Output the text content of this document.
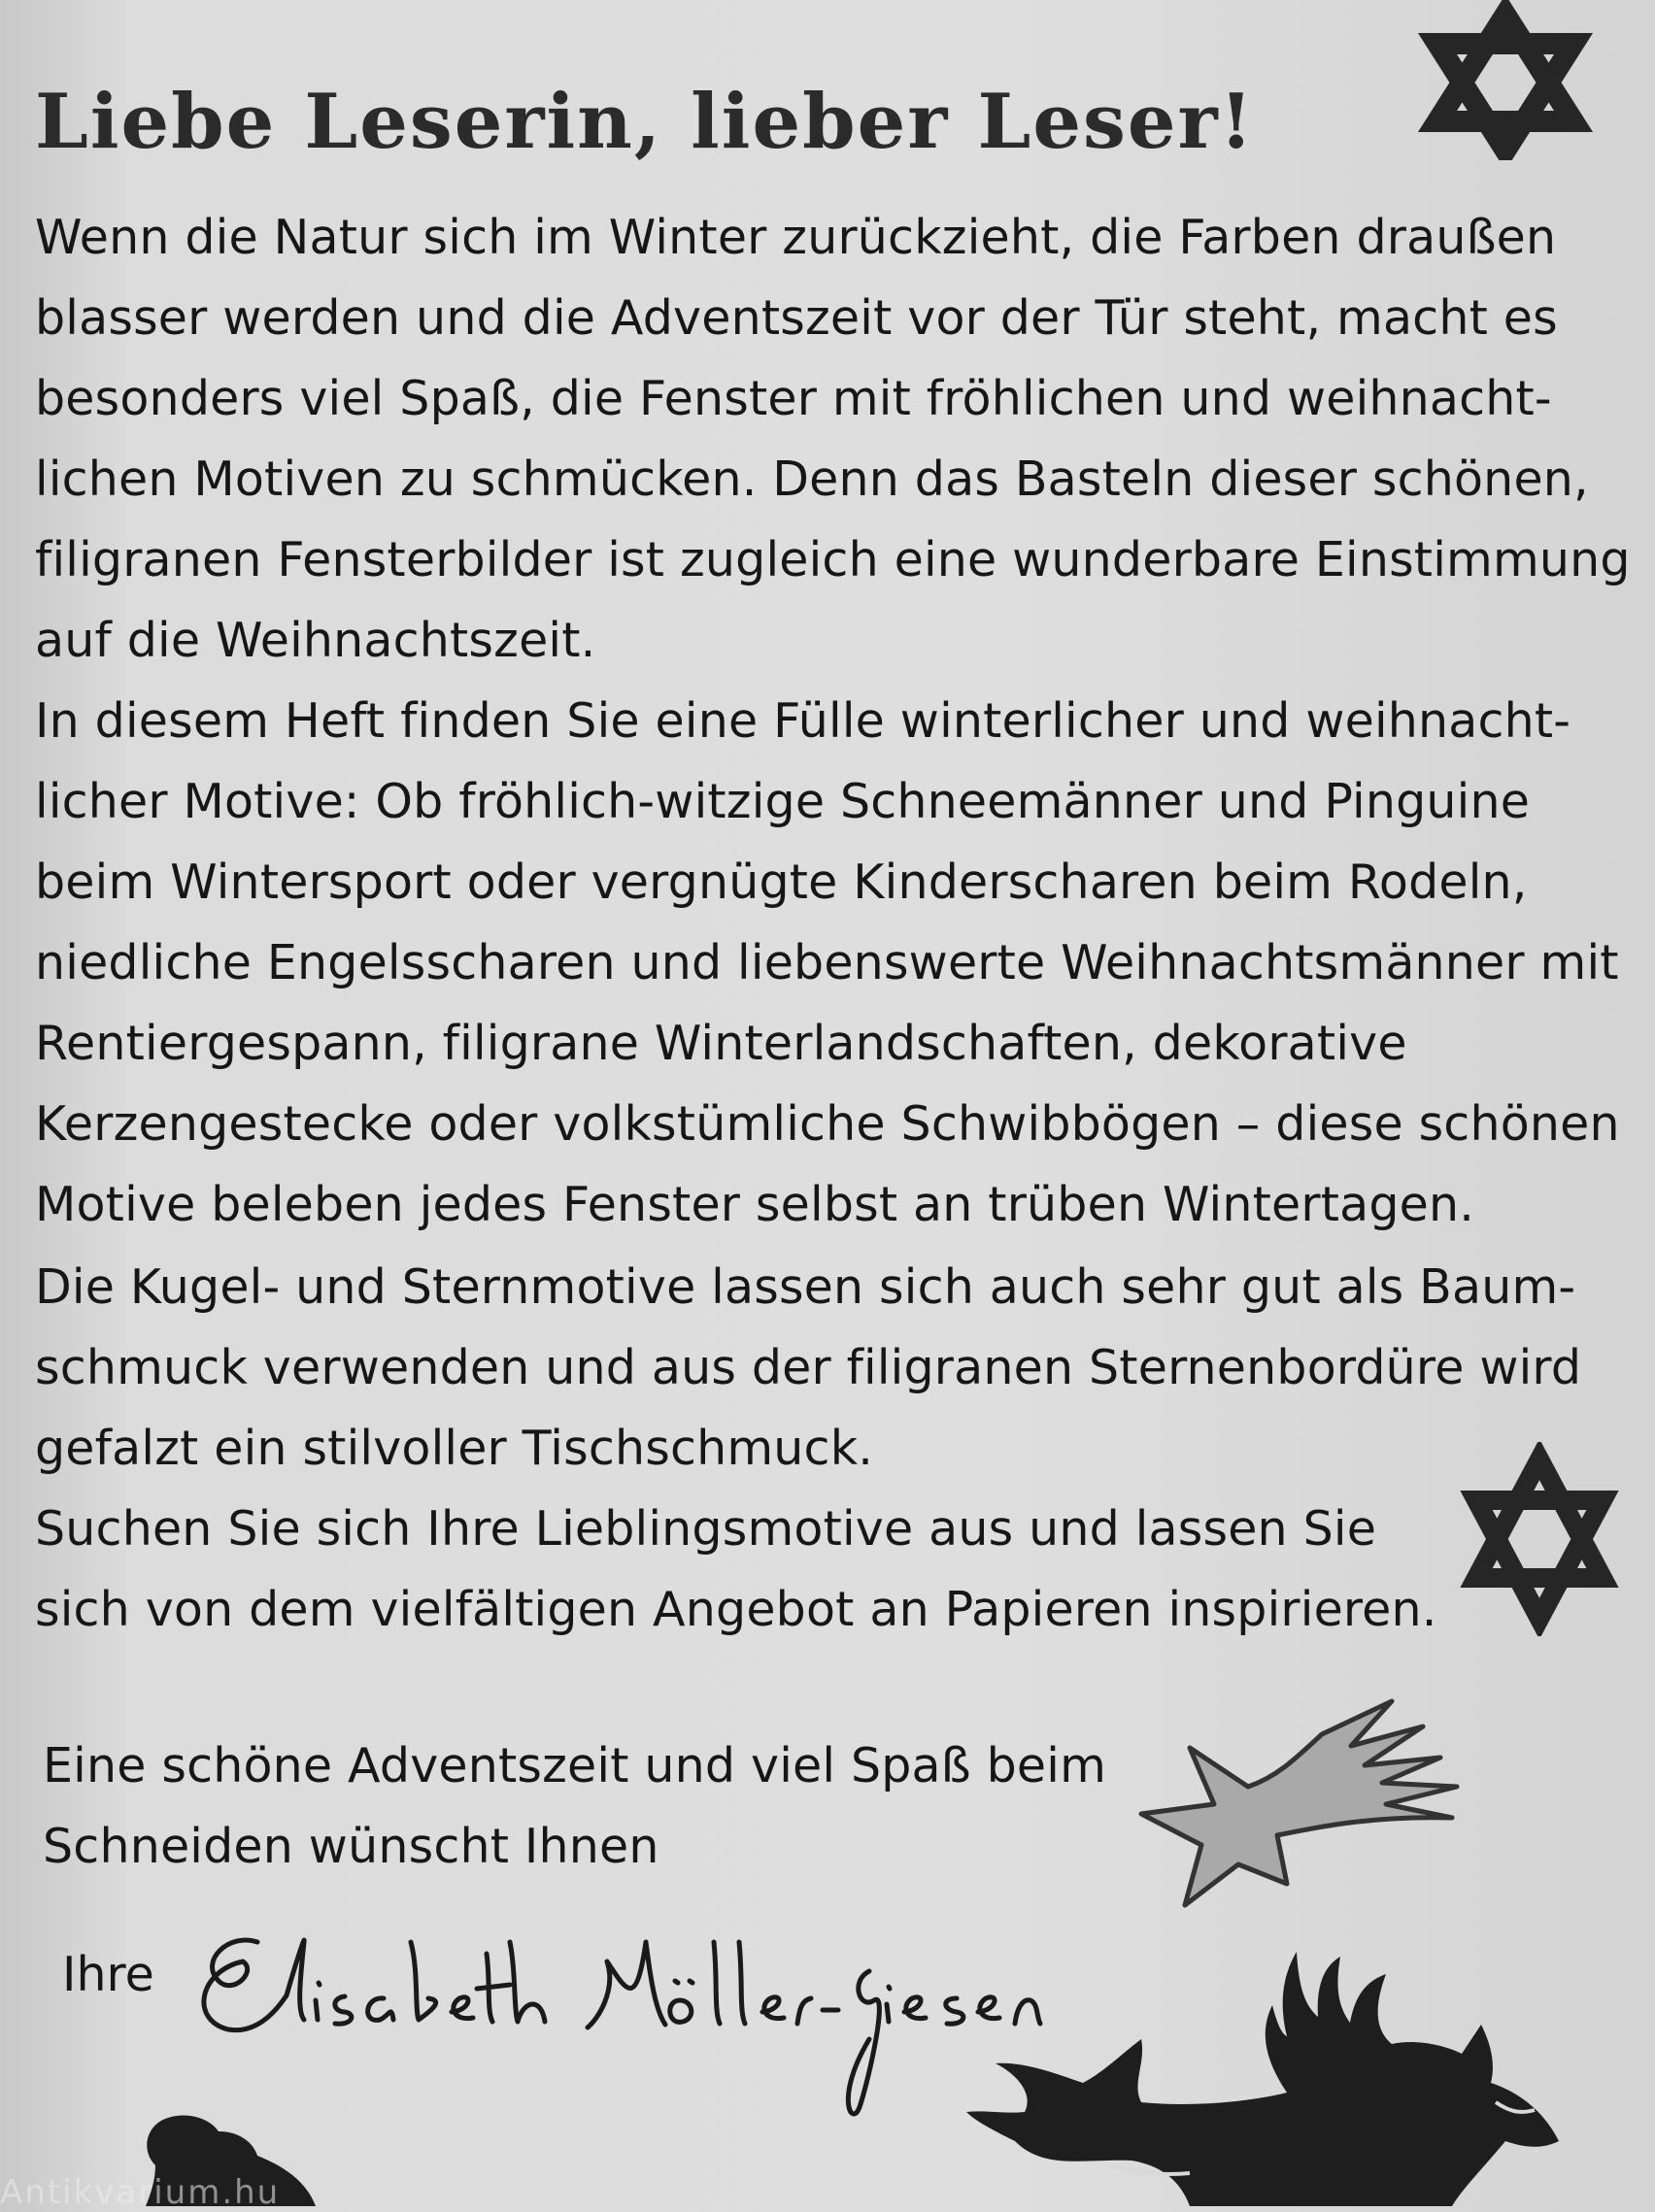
Liebe Leserin, lieber Leser!

Wenn die Natur sich im Winter zurückzieht, die Farben draußen
blasser werden und die Adventszeit vor der Tür steht, macht es
besonders viel Spaß, die Fenster mit fröhlichen und weihnacht-
lichen Motiven zu schmücken. Denn das Basteln dieser schönen,
filigranen Fensterbilder ist zugleich eine wunderbare Einstimmung
auf die Weihnachtszeit.

In diesem Heft finden Sie eine Fülle winterlicher und weihnacht-
licher Motive: Ob fröhlich-witzige Schneemänner und Pinguine
beim Wintersport oder vergnügte Kinderscharen beim Rodeln,
niedliche Engelsscharen und liebenswerte Weihnachtsmänner mit
Rentiergespann, filigrane Winterlandschaften, dekorative
Kerzengestecke oder volkstümliche Schwibbögen – diese schönen
Motive beleben jedes Fenster selbst an trüben Wintertagen.

Die Kugel- und Sternmotive lassen sich auch sehr gut als Baum-
schmuck verwenden und aus der filigranen Sternenbordüre wird
gefalzt ein stilvoller Tischschmuck.

Suchen Sie sich Ihre Lieblingsmotive aus und lassen Sie
sich von dem vielfältigen Angebot an Papieren inspirieren.

Eine schöne Adventszeit und viel Spaß beim
Schneiden wünscht Ihnen
Ihre
Antikvarium.hu
